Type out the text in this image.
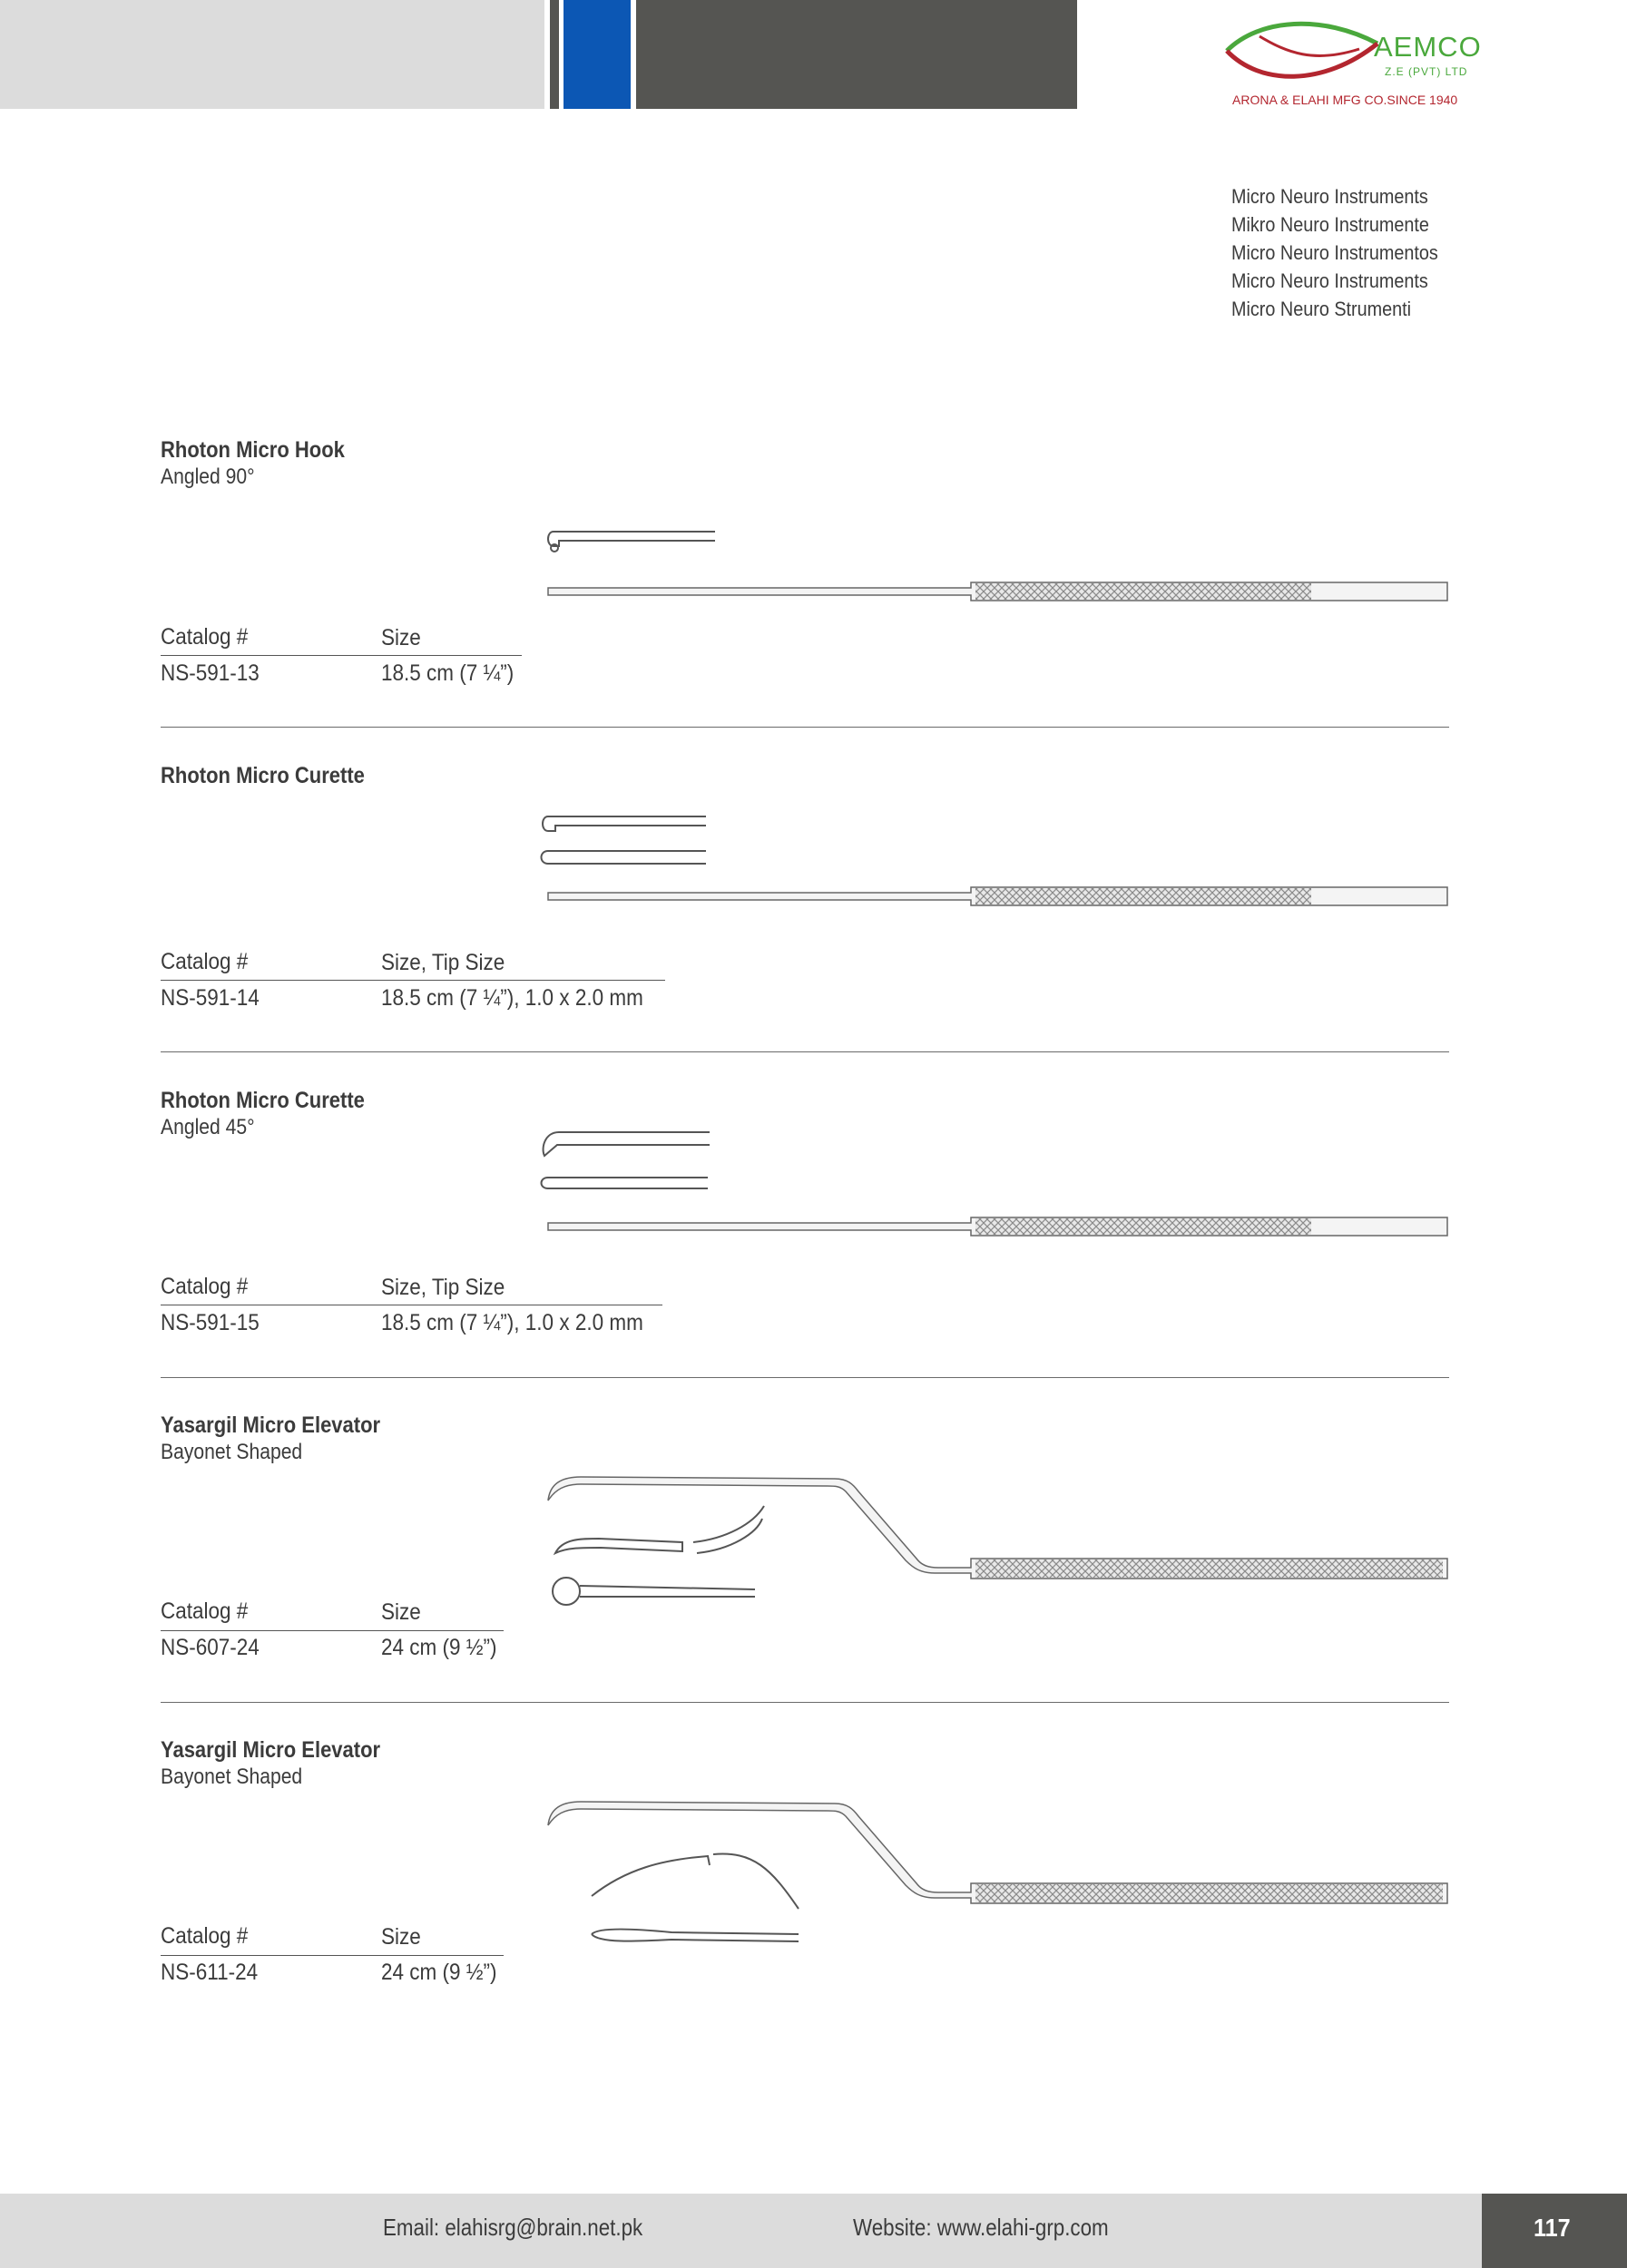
AEMCO
Z.E (PVT) LTD
ARONA & ELAHI MFG CO.SINCE 1940
Micro Neuro Instruments
Mikro Neuro Instrumente
Micro Neuro Instrumentos
Micro Neuro Instruments
Micro Neuro Strumenti
Rhoton Micro Hook
Angled 90°
Catalog #	Size
NS-591-13	18.5 cm (7 ¼”)
Rhoton Micro Curette
Catalog #	Size, Tip Size
NS-591-14	18.5 cm (7 ¼”), 1.0 x 2.0 mm
Rhoton Micro Curette
Angled 45°
Catalog #	Size, Tip Size
NS-591-15	18.5 cm (7 ¼”), 1.0 x 2.0 mm
Yasargil Micro Elevator
Bayonet Shaped
Catalog #	Size
NS-607-24	24 cm (9 ½”)
Yasargil Micro Elevator
Bayonet Shaped
Catalog #	Size
NS-611-24	24 cm (9 ½”)
Email: elahisrg@brain.net.pk	Website: www.elahi-grp.com	117
